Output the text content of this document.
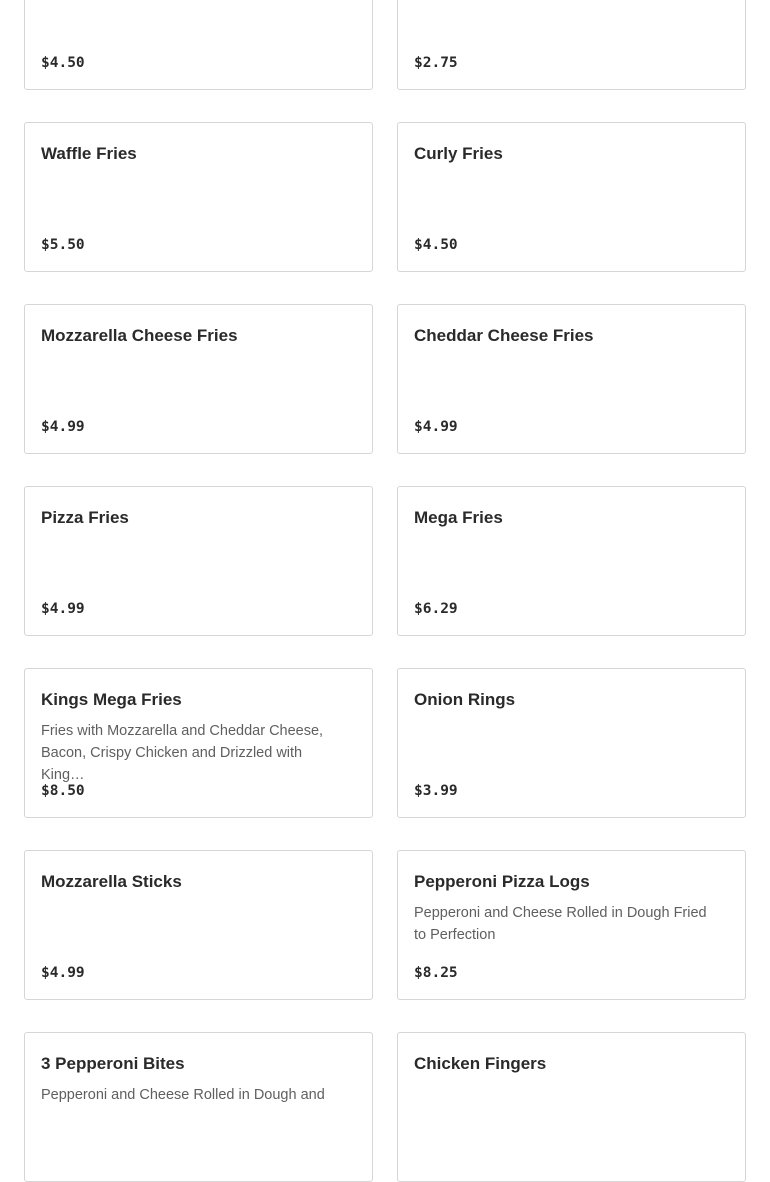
$4.50	$2.75
Waffle Fries
$5.50
Curly Fries
$4.50
Mozzarella Cheese Fries
$4.99
Cheddar Cheese Fries
$4.99
Pizza Fries
$4.99
Mega Fries
$6.29
Kings Mega Fries
Fries with Mozzarella and Cheddar Cheese, Bacon, Crispy Chicken and Drizzled with King…
$8.50
Onion Rings
$3.99
Mozzarella Sticks
$4.99
Pepperoni Pizza Logs
Pepperoni and Cheese Rolled in Dough Fried to Perfection
$8.25
3 Pepperoni Bites
Pepperoni and Cheese Rolled in Dough and
Chicken Fingers
